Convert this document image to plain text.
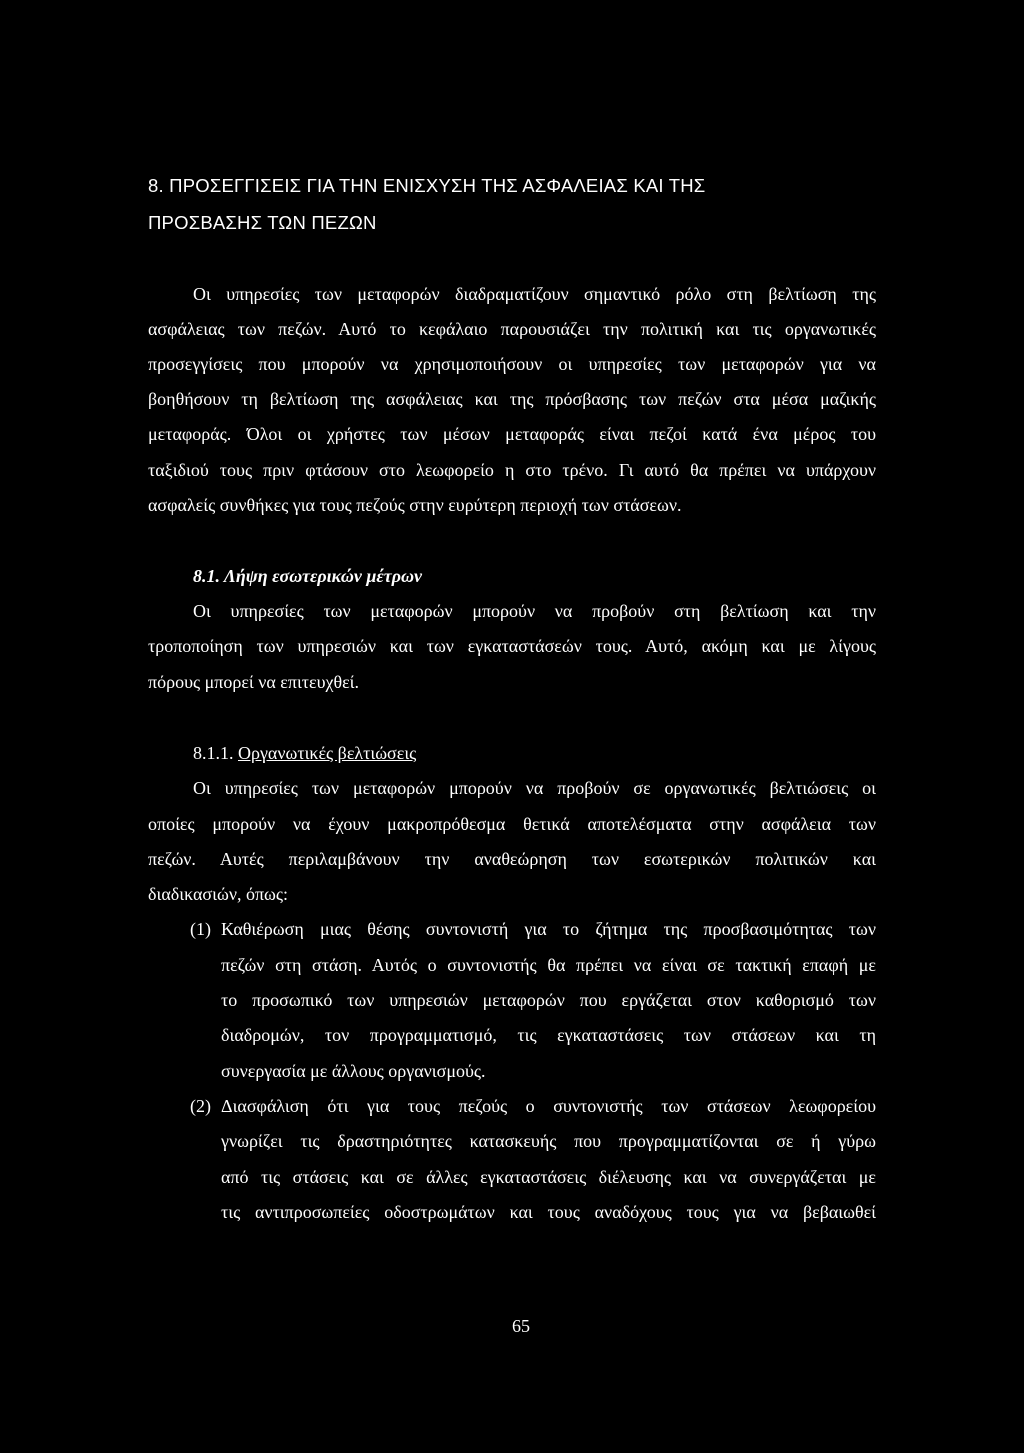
8. ΠΡΟΣΕΓΓΙΣΕΙΣ ΓΙΑ ΤΗΝ ΕΝΙΣΧΥΣΗ ΤΗΣ ΑΣΦΑΛΕΙΑΣ ΚΑΙ ΤΗΣ
ΠΡΟΣΒΑΣΗΣ ΤΩΝ ΠΕΖΩΝ
Οι υπηρεσίες των μεταφορών διαδραματίζουν σημαντικό ρόλο στη βελτίωση της
ασφάλειας των πεζών. Αυτό το κεφάλαιο παρουσιάζει την πολιτική και τις οργανωτικές
προσεγγίσεις που μπορούν να χρησιμοποιήσουν οι υπηρεσίες των μεταφορών για να
βοηθήσουν τη βελτίωση της ασφάλειας και της πρόσβασης των πεζών στα μέσα μαζικής
μεταφοράς. Όλοι οι χρήστες των μέσων μεταφοράς είναι πεζοί κατά ένα μέρος του
ταξιδιού τους πριν φτάσουν στο λεωφορείο η στο τρένο. Γι αυτό θα πρέπει να υπάρχουν
ασφαλείς συνθήκες για τους πεζούς στην ευρύτερη περιοχή των στάσεων.
8.1. Λήψη εσωτερικών μέτρων
Οι υπηρεσίες των μεταφορών μπορούν να προβούν στη βελτίωση και την
τροποποίηση των υπηρεσιών και των εγκαταστάσεών τους. Αυτό, ακόμη και με λίγους
πόρους μπορεί να επιτευχθεί.
8.1.1. Οργανωτικές βελτιώσεις
Οι υπηρεσίες των μεταφορών μπορούν να προβούν σε οργανωτικές βελτιώσεις οι
οποίες μπορούν να έχουν μακροπρόθεσμα θετικά αποτελέσματα στην ασφάλεια των
πεζών. Αυτές περιλαμβάνουν την αναθεώρηση των εσωτερικών πολιτικών και
διαδικασιών, όπως:
(1) Καθιέρωση μιας θέσης συντονιστή για το ζήτημα της προσβασιμότητας των
πεζών στη στάση. Αυτός ο συντονιστής θα πρέπει να είναι σε τακτική επαφή με
το προσωπικό των υπηρεσιών μεταφορών που εργάζεται στον καθορισμό των
διαδρομών, τον προγραμματισμό, τις εγκαταστάσεις των στάσεων και τη
συνεργασία με άλλους οργανισμούς.
(2) Διασφάλιση ότι για τους πεζούς ο συντονιστής των στάσεων λεωφορείου
γνωρίζει τις δραστηριότητες κατασκευής που προγραμματίζονται σε ή γύρω
από τις στάσεις και σε άλλες εγκαταστάσεις διέλευσης και να συνεργάζεται με
τις αντιπροσωπείες οδοστρωμάτων και τους αναδόχους τους για να βεβαιωθεί
65
